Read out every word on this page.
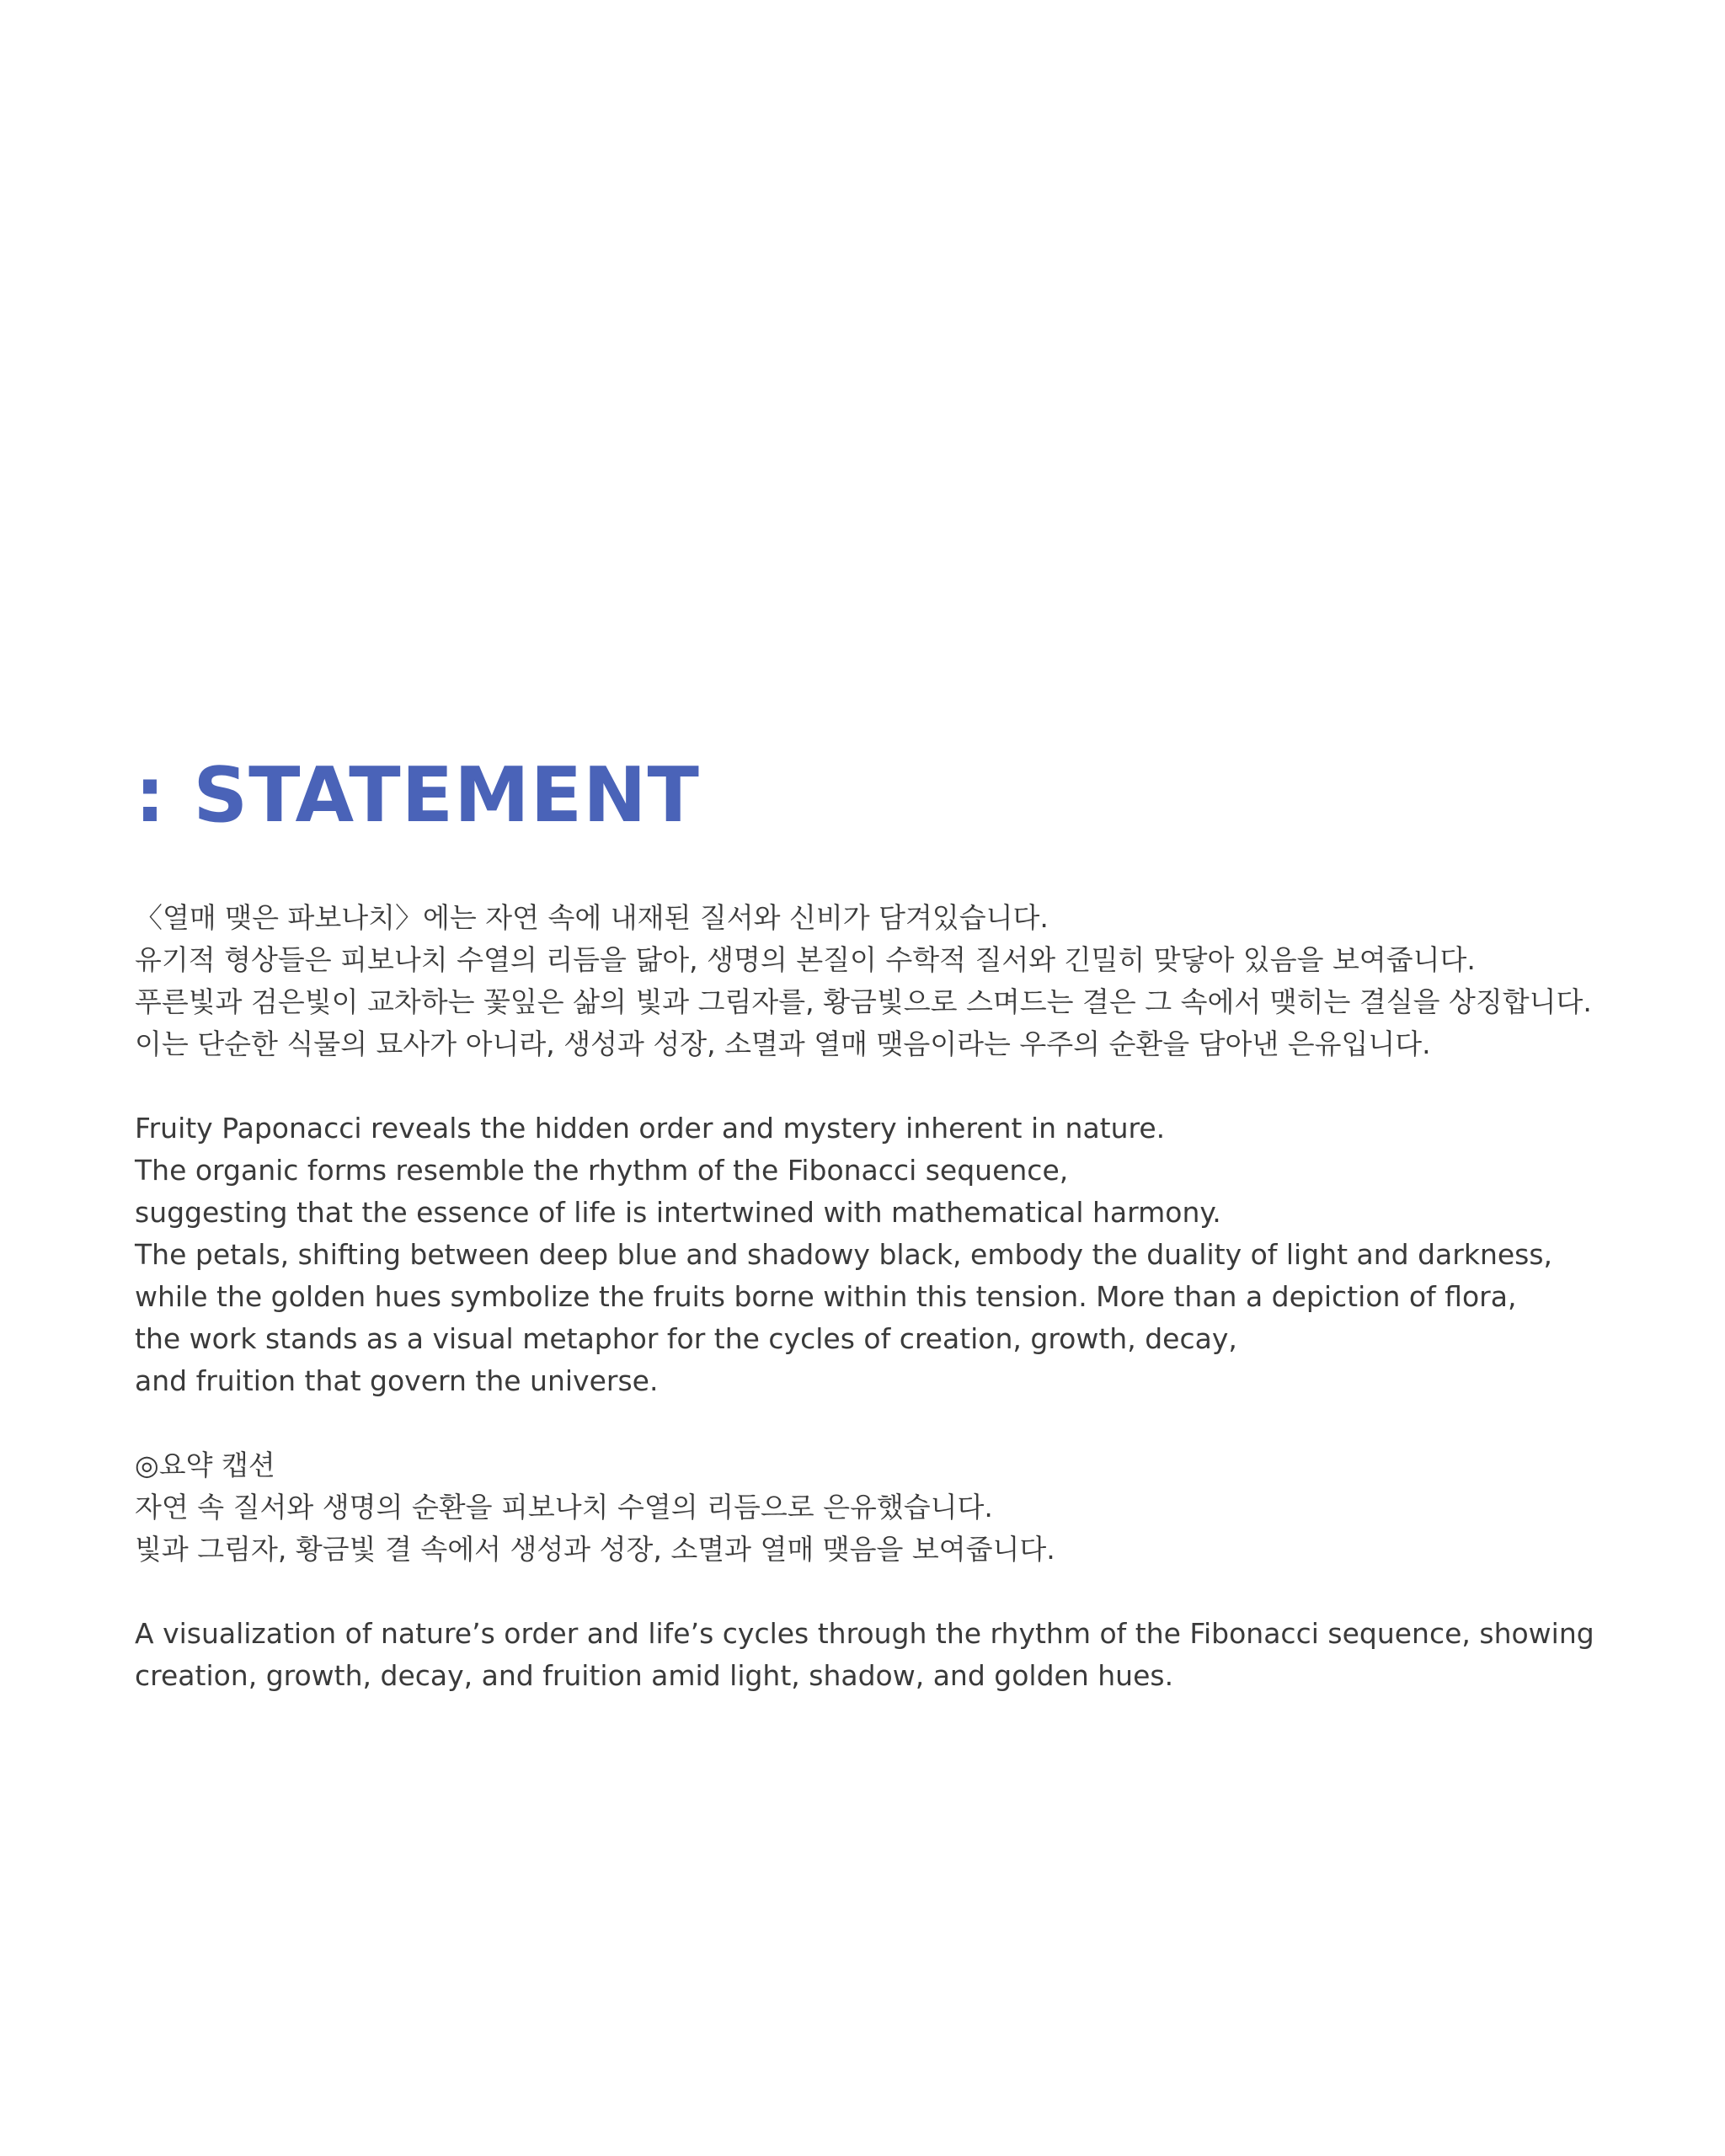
: STATEMENT
〈열매 맺은 파보나치〉에는 자연 속에 내재된 질서와 신비가 담겨있습니다.
유기적 형상들은 피보나치 수열의 리듬을 닮아, 생명의 본질이 수학적 질서와 긴밀히 맞닿아 있음을 보여줍니다.
푸른빛과 검은빛이 교차하는 꽃잎은 삶의 빛과 그림자를, 황금빛으로 스며드는 결은 그 속에서 맺히는 결실을 상징합니다.
이는 단순한 식물의 묘사가 아니라, 생성과 성장, 소멸과 열매 맺음이라는 우주의 순환을 담아낸 은유입니다.
Fruity Paponacci reveals the hidden order and mystery inherent in nature.
The organic forms resemble the rhythm of the Fibonacci sequence,
suggesting that the essence of life is intertwined with mathematical harmony.
The petals, shifting between deep blue and shadowy black, embody the duality of light and darkness,
while the golden hues symbolize the fruits borne within this tension. More than a depiction of flora,
the work stands as a visual metaphor for the cycles of creation, growth, decay,
and fruition that govern the universe.
◎요약 캡션
자연 속 질서와 생명의 순환을 피보나치 수열의 리듬으로 은유했습니다.
빛과 그림자, 황금빛 결 속에서 생성과 성장, 소멸과 열매 맺음을 보여줍니다.
A visualization of nature’s order and life’s cycles through the rhythm of the Fibonacci sequence, showing
creation, growth, decay, and fruition amid light, shadow, and golden hues.
